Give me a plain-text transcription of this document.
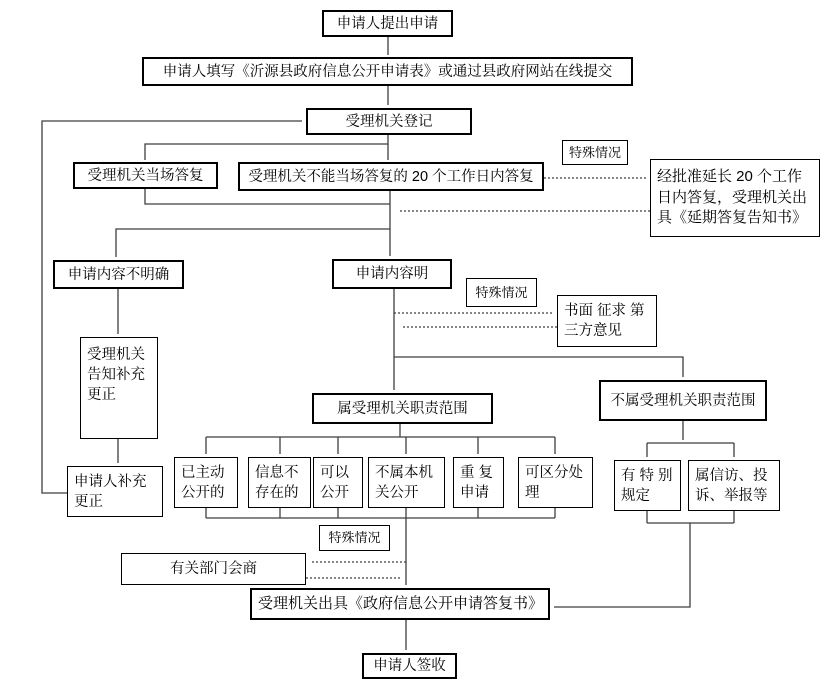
申请人提出申请
申请人填写《沂源县政府信息公开申请表》或通过县政府网站在线提交
受理机关登记
特殊情况
受理机关当场答复	受理机关不能当场答复的 20 个工作日内答复	经批准延长 20 个工作日内答复，受理机关出具《延期答复告知书》
申请内容不明确	申请内容明
特殊情况
书面 征求 第三方意见
受理机关告知补充更正
属受理机关职责范围	不属受理机关职责范围
申请人补充更正
已主动公开的
信息不存在的
可以公开
不属本机关公开
重 复 申请
可区分处理
有 特 别 规定
属信访、投诉、举报等
特殊情况
有关部门会商
受理机关出具《政府信息公开申请答复书》
申请人签收
